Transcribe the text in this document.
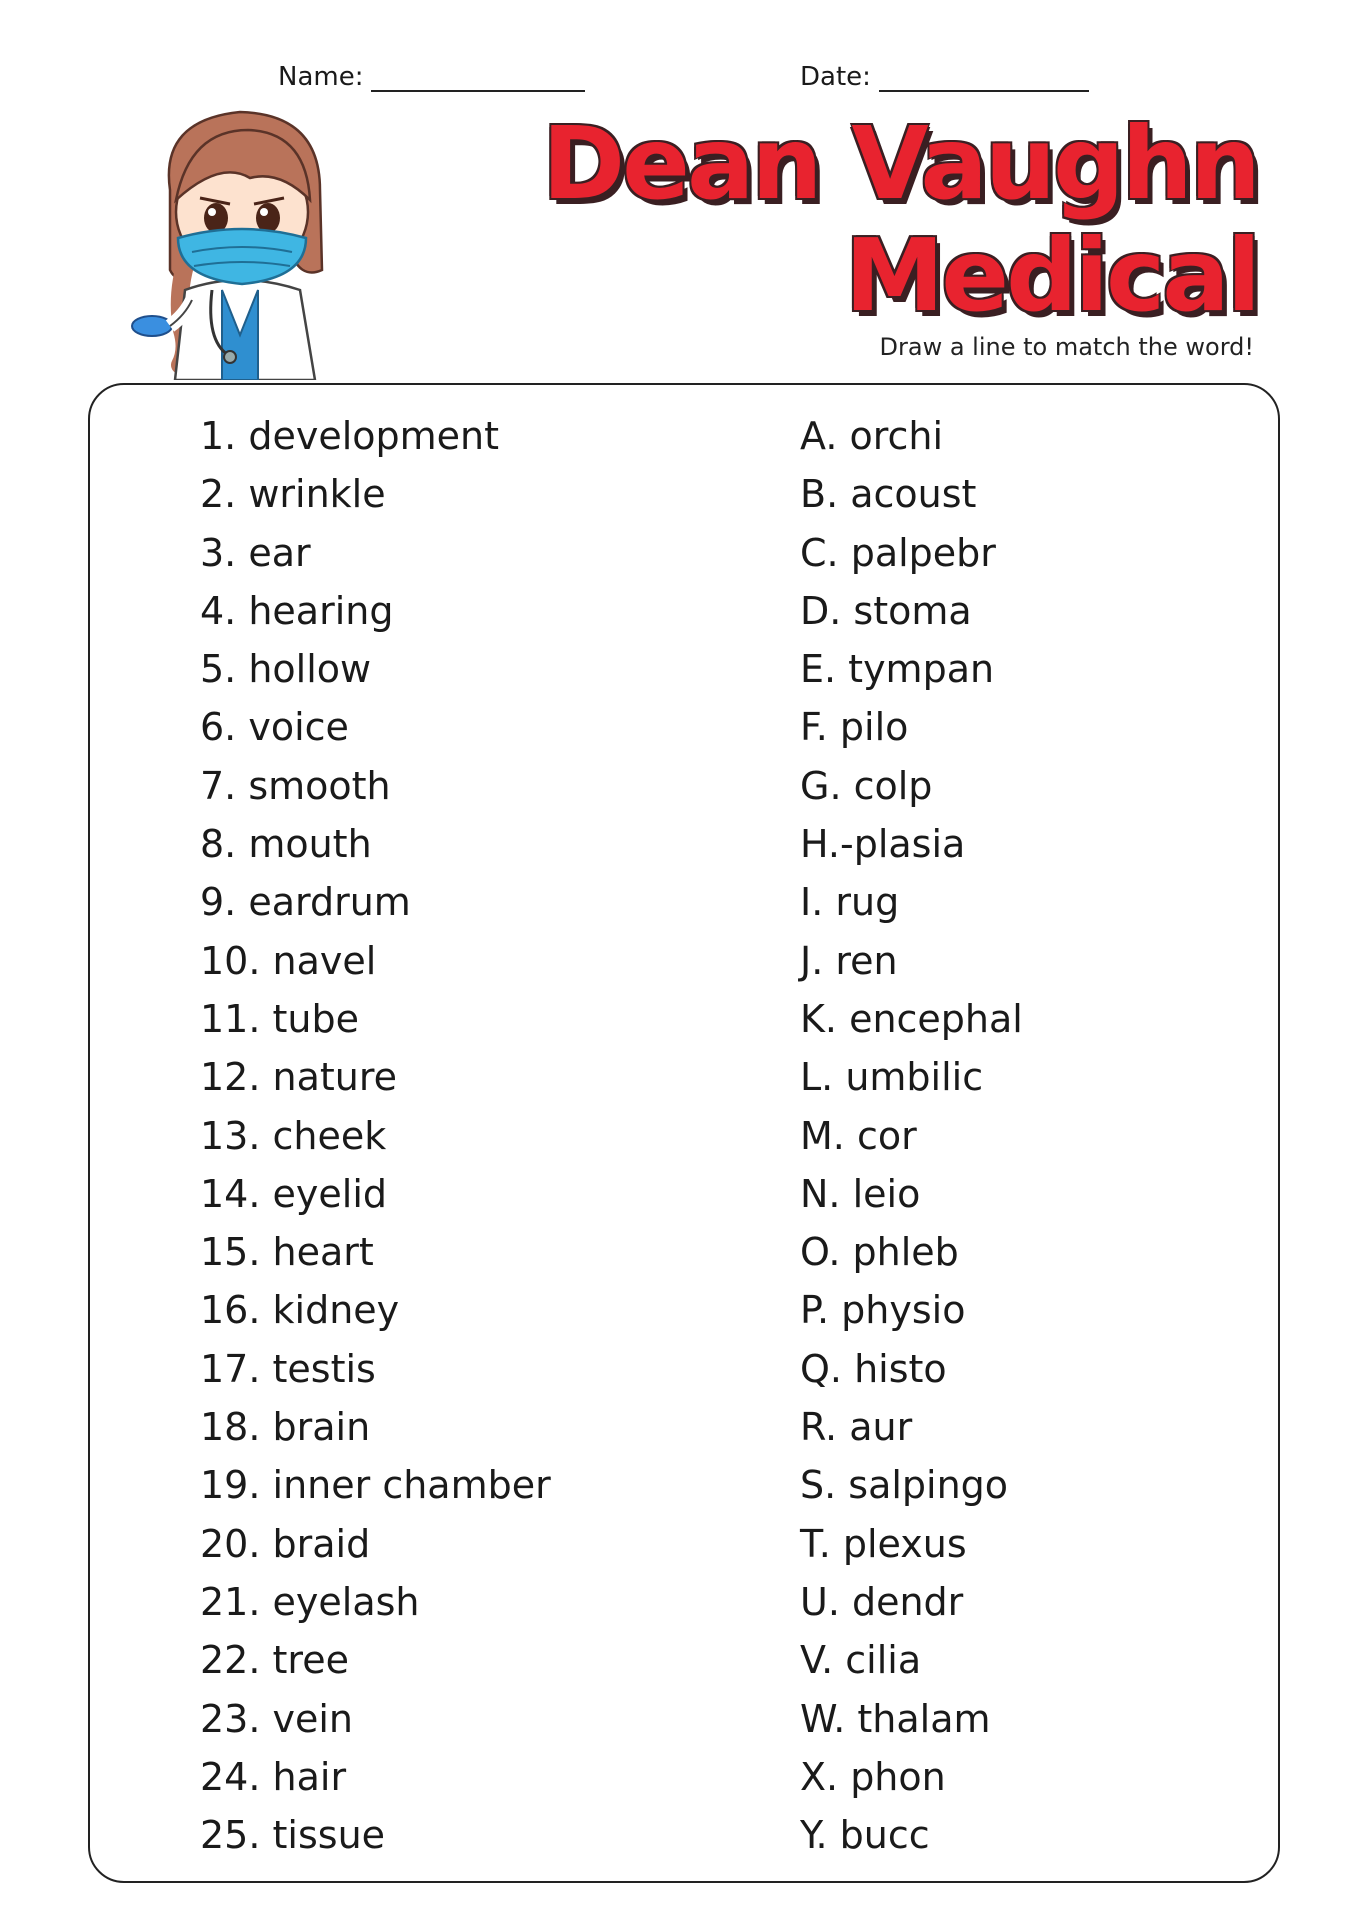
Name:	Date:
Dean Vaughn
Medical
Draw a line to match the word!
1. development
2. wrinkle
3. ear
4. hearing
5. hollow
6. voice
7. smooth
8. mouth
9. eardrum
10. navel
11. tube
12. nature
13. cheek
14. eyelid
15. heart
16. kidney
17. testis
18. brain
19. inner chamber
20. braid
21. eyelash
22. tree
23. vein
24. hair
25. tissue
A. orchi
B. acoust
C. palpebr
D. stoma
E. tympan
F. pilo
G. colp
H.-plasia
I. rug
J. ren
K. encephal
L. umbilic
M. cor
N. leio
O. phleb
P. physio
Q. histo
R. aur
S. salpingo
T. plexus
U. dendr
V. cilia
W. thalam
X. phon
Y. bucc
